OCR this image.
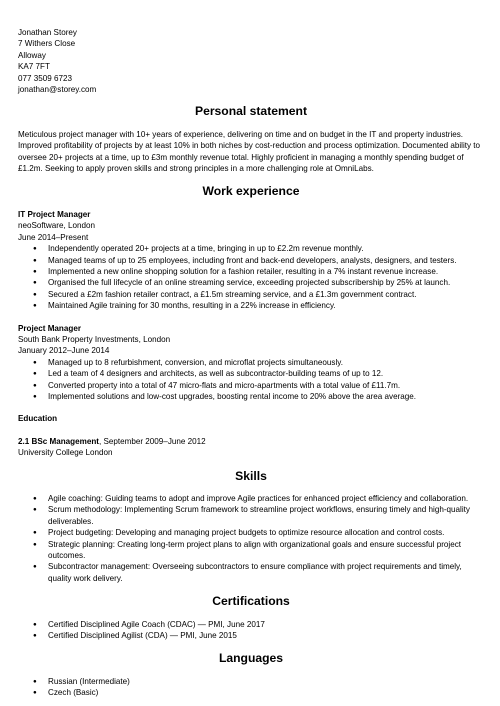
Jonathan Storey
7 Withers Close
Alloway
KA7 7FT
077 3509 6723
jonathan@storey.com
Personal statement

Meticulous project manager with 10+ years of experience, delivering on time and on budget in the IT and property industries. Improved profitability of projects by at least 10% in both niches by cost-reduction and process optimization. Documented ability to oversee 20+ projects at a time, up to £3m monthly revenue total. Highly proficient in managing a monthly spending budget of £1.2m. Seeking to apply proven skills and strong principles in a more challenging role at OmniLabs.

Work experience
IT Project Manager
neoSoftware, London
June 2014–Present
● Independently operated 20+ projects at a time, bringing in up to £2.2m revenue monthly.
● Managed teams of up to 25 employees, including front and back-end developers, analysts, designers, and testers.
● Implemented a new online shopping solution for a fashion retailer, resulting in a 7% instant revenue increase.
● Organised the full lifecycle of an online streaming service, exceeding projected subscribership by 25% at launch.
● Secured a £2m fashion retailer contract, a £1.5m streaming service, and a £1.3m government contract.
● Maintained Agile training for 30 months, resulting in a 22% increase in efficiency.
Project Manager
South Bank Property Investments, London
January 2012–June 2014
● Managed up to 8 refurbishment, conversion, and microflat projects simultaneously.
● Led a team of 4 designers and architects, as well as subcontractor-building teams of up to 12.
● Converted property into a total of 47 micro-flats and micro-apartments with a total value of £11.7m.
● Implemented solutions and low-cost upgrades, boosting rental income to 20% above the area average.
Education
2.1 BSc Management, September 2009–June 2012
University College London
Skills
● Agile coaching: Guiding teams to adopt and improve Agile practices for enhanced project efficiency and collaboration.
● Scrum methodology: Implementing Scrum framework to streamline project workflows, ensuring timely and high-quality deliverables.
● Project budgeting: Developing and managing project budgets to optimize resource allocation and control costs.
● Strategic planning: Creating long-term project plans to align with organizational goals and ensure successful project outcomes.
● Subcontractor management: Overseeing subcontractors to ensure compliance with project requirements and timely, quality work delivery.
Certifications
● Certified Disciplined Agile Coach (CDAC) — PMI, June 2017
● Certified Disciplined Agilist (CDA) — PMI, June 2015
Languages
● Russian (Intermediate)
● Czech (Basic)
